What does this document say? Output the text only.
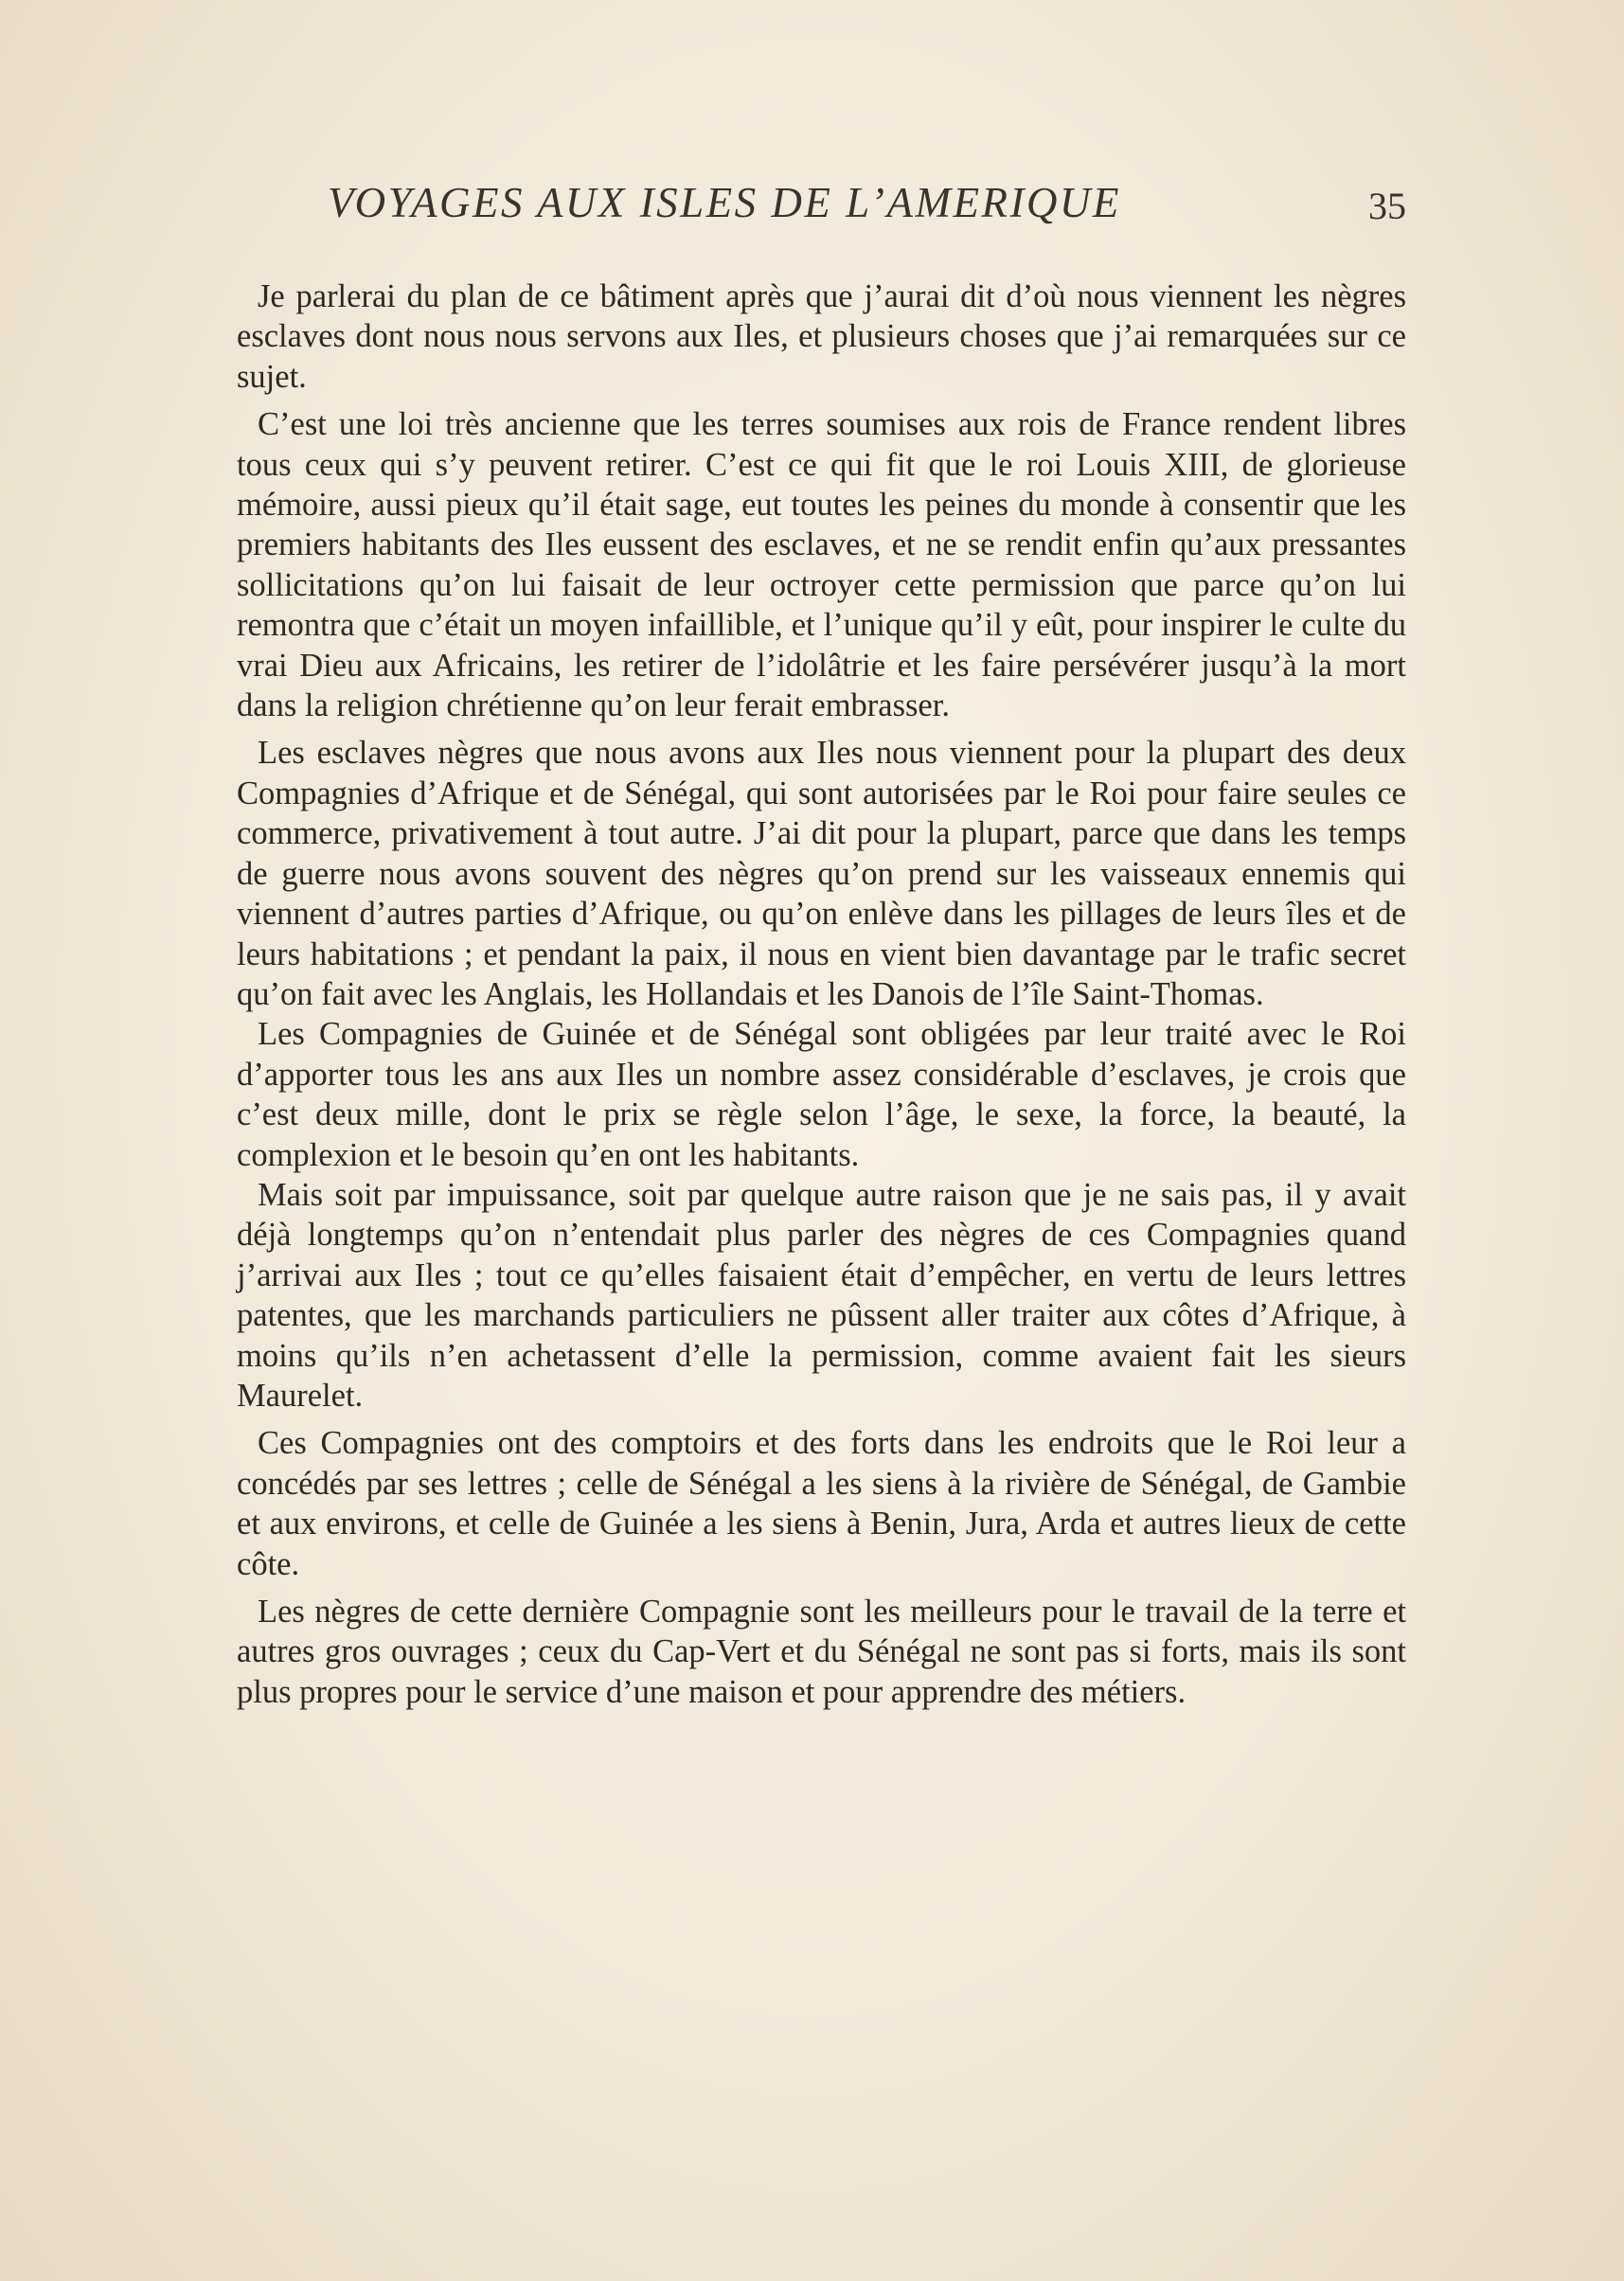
VOYAGES AUX ISLES DE L’AMERIQUE	35

Je parlerai du plan de ce bâtiment après que j’aurai dit d’où nous viennent les nègres esclaves dont nous nous servons aux Iles, et plusieurs choses que j’ai remarquées sur ce sujet.

C’est une loi très ancienne que les terres soumises aux rois de France rendent libres tous ceux qui s’y peuvent retirer. C’est ce qui fit que le roi Louis XIII, de glorieuse mémoire, aussi pieux qu’il était sage, eut toutes les peines du monde à consentir que les premiers habitants des Iles eussent des esclaves, et ne se rendit enfin qu’aux pressantes sollicitations qu’on lui faisait de leur octroyer cette permission que parce qu’on lui remontra que c’était un moyen infaillible, et l’unique qu’il y eût, pour inspirer le culte du vrai Dieu aux Africains, les retirer de l’idolâtrie et les faire persévérer jusqu’à la mort dans la religion chrétienne qu’on leur ferait embrasser.

Les esclaves nègres que nous avons aux Iles nous viennent pour la plupart des deux Compagnies d’Afrique et de Sénégal, qui sont autorisées par le Roi pour faire seules ce commerce, privativement à tout autre. J’ai dit pour la plupart, parce que dans les temps de guerre nous avons souvent des nègres qu’on prend sur les vaisseaux ennemis qui viennent d’autres parties d’Afrique, ou qu’on enlève dans les pillages de leurs îles et de leurs habitations ; et pendant la paix, il nous en vient bien davantage par le trafic secret qu’on fait avec les Anglais, les Hollandais et les Danois de l’île Saint-Thomas.

Les Compagnies de Guinée et de Sénégal sont obligées par leur traité avec le Roi d’apporter tous les ans aux Iles un nombre assez considérable d’esclaves, je crois que c’est deux mille, dont le prix se règle selon l’âge, le sexe, la force, la beauté, la complexion et le besoin qu’en ont les habitants.

Mais soit par impuissance, soit par quelque autre raison que je ne sais pas, il y avait déjà longtemps qu’on n’entendait plus parler des nègres de ces Compagnies quand j’arrivai aux Iles ; tout ce qu’elles faisaient était d’empêcher, en vertu de leurs lettres patentes, que les marchands particuliers ne pûssent aller traiter aux côtes d’Afrique, à moins qu’ils n’en achetassent d’elle la permission, comme avaient fait les sieurs Maurelet.

Ces Compagnies ont des comptoirs et des forts dans les endroits que le Roi leur a concédés par ses lettres ; celle de Sénégal a les siens à la rivière de Sénégal, de Gambie et aux environs, et celle de Guinée a les siens à Benin, Jura, Arda et autres lieux de cette côte.

Les nègres de cette dernière Compagnie sont les meilleurs pour le travail de la terre et autres gros ouvrages ; ceux du Cap-Vert et du Sénégal ne sont pas si forts, mais ils sont plus propres pour le service d’une maison et pour apprendre des métiers.
